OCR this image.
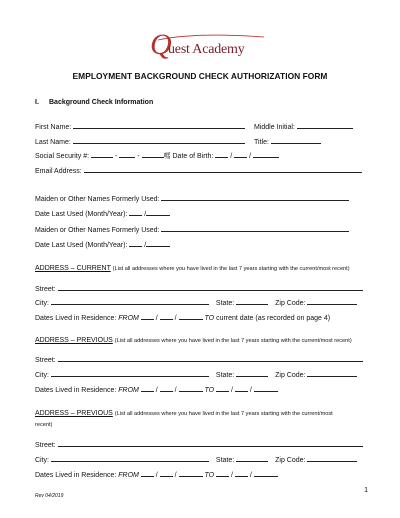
Q
uest Academy
EMPLOYMENT BACKGROUND CHECK AUTHORIZATION FORM
I. Background Check Information
First Name:	Middle Initial:
Last Name:	Title:
Social Security #:	-	-	嗎 Date of Birth: / /
Email Address:
Maiden or Other Names Formerly Used:
Date Last Used (Month/Year): /
Maiden or Other Names Formerly Used:
Date Last Used (Month/Year): /
ADDRESS – CURRENT (List all addresses where you have lived in the last 7 years starting with the current/most recent)
Street:
City:	State:	Zip Code:
Dates Lived in Residence: FROM / /	TO current date (as recorded on page 4)
ADDRESS – PREVIOUS (List all addresses where you have lived in the last 7 years starting with the current/most recent)
Street:
City:	State:	Zip Code:
Dates Lived in Residence: FROM / /	TO / /
ADDRESS – PREVIOUS (List all addresses where you have lived in the last 7 years starting with the current/most
recent)
Street:
City:	State:	Zip Code:
Dates Lived in Residence: FROM / /	TO / /
1
Rev 04/2019
